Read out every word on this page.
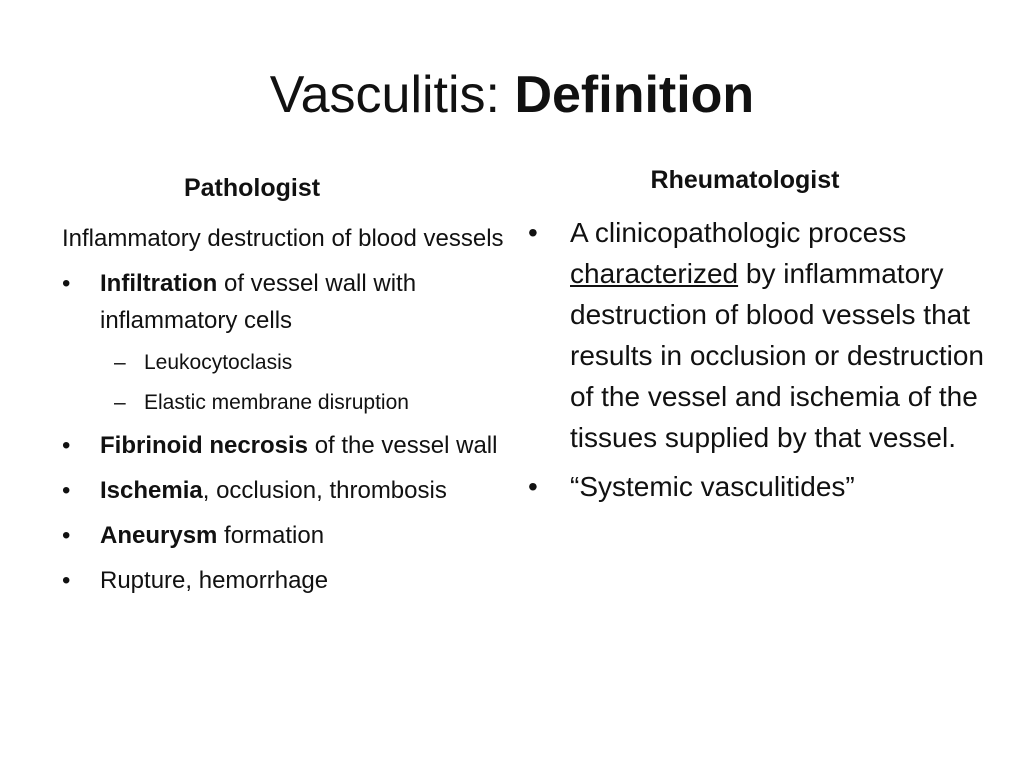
Vasculitis: Definition
Pathologist	Rheumatologist
Inflammatory destruction of blood vessels
•	Infiltration of vessel wall with inflammatory cells
– Leukocytoclasis
– Elastic membrane disruption
•	Fibrinoid necrosis of the vessel wall
•	Ischemia, occlusion, thrombosis
•	Aneurysm formation
•	Rupture, hemorrhage
•	A clinicopathologic process characterized by inflammatory destruction of blood vessels that results in occlusion or destruction of the vessel and ischemia of the tissues supplied by that vessel.
•	“Systemic vasculitides”
